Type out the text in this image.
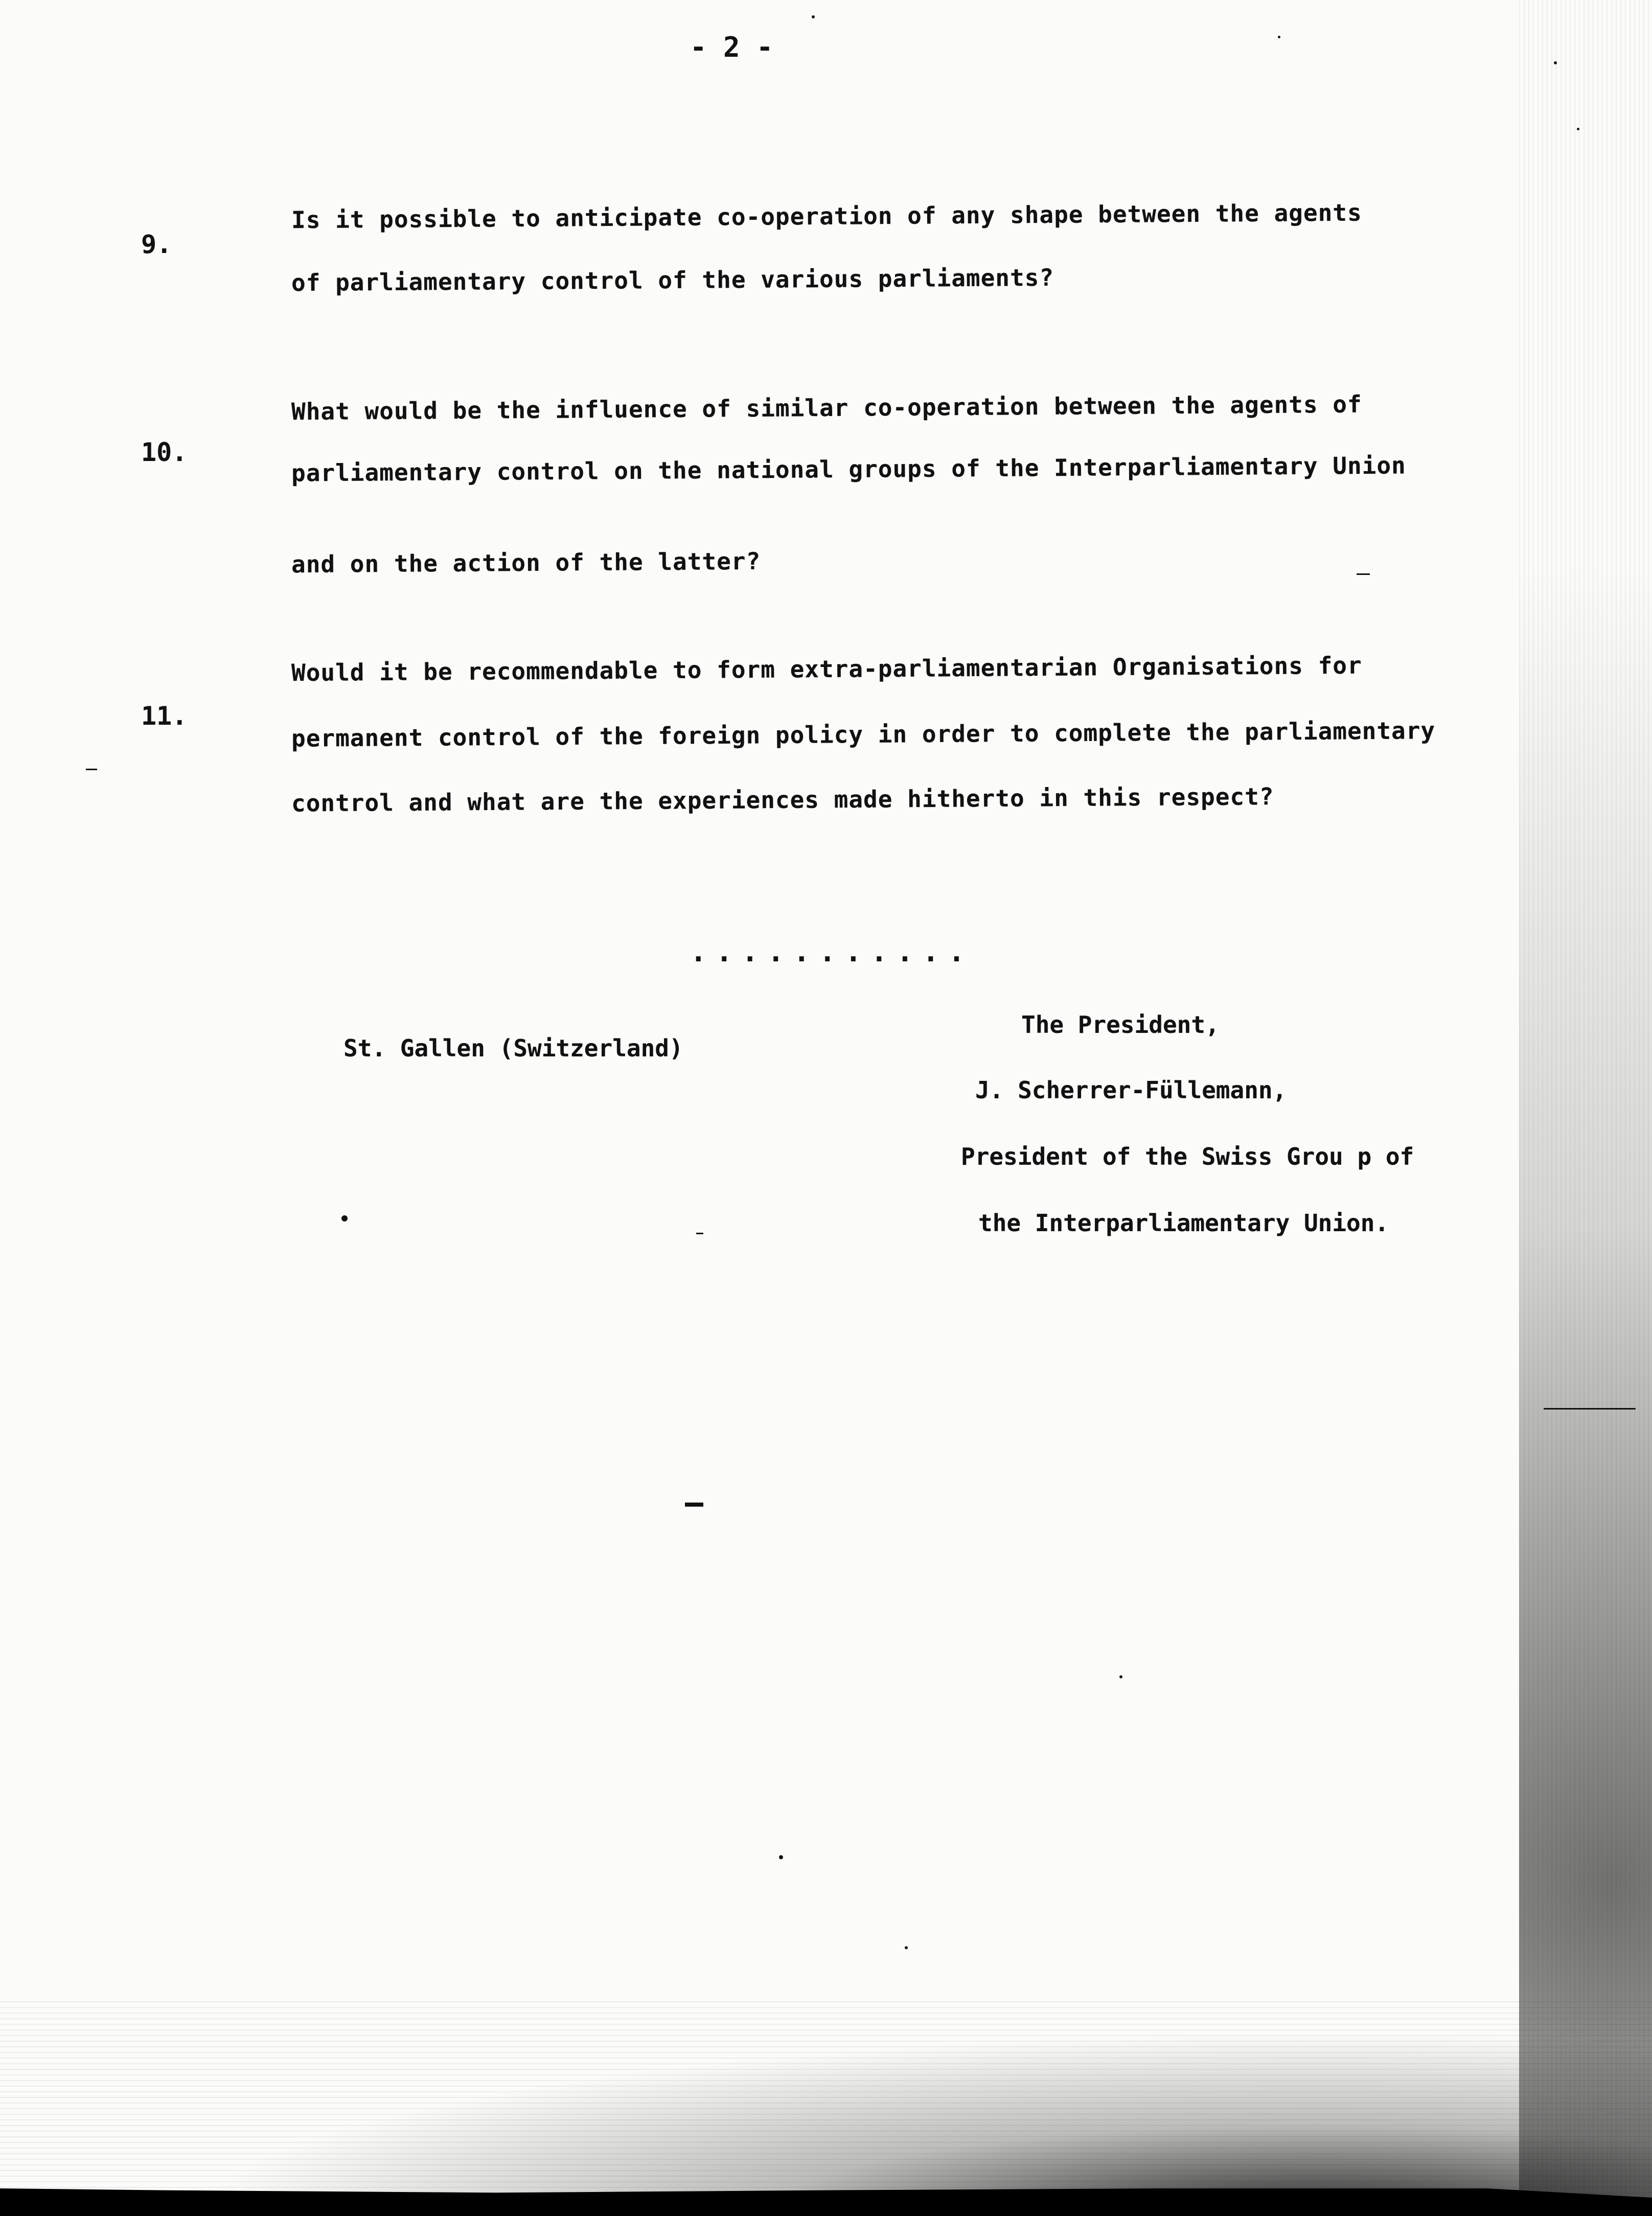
- 2 -
9.
Is it possible to anticipate co-operation of any shape between the agents
of parliamentary control of the various parliaments?
10.
What would be the influence of similar co-operation between the agents of
parliamentary control on the national groups of the Interparliamentary Union
and on the action of the latter?
11.
Would it be recommendable to form extra-parliamentarian Organisations for
permanent control of the foreign policy in order to complete the parliamentary
control and what are the experiences made hitherto in this respect?
...........
St. Gallen (Switzerland)
The President,
J. Scherrer-Füllemann,
President of the Swiss Grou p of
the Interparliamentary Union.
